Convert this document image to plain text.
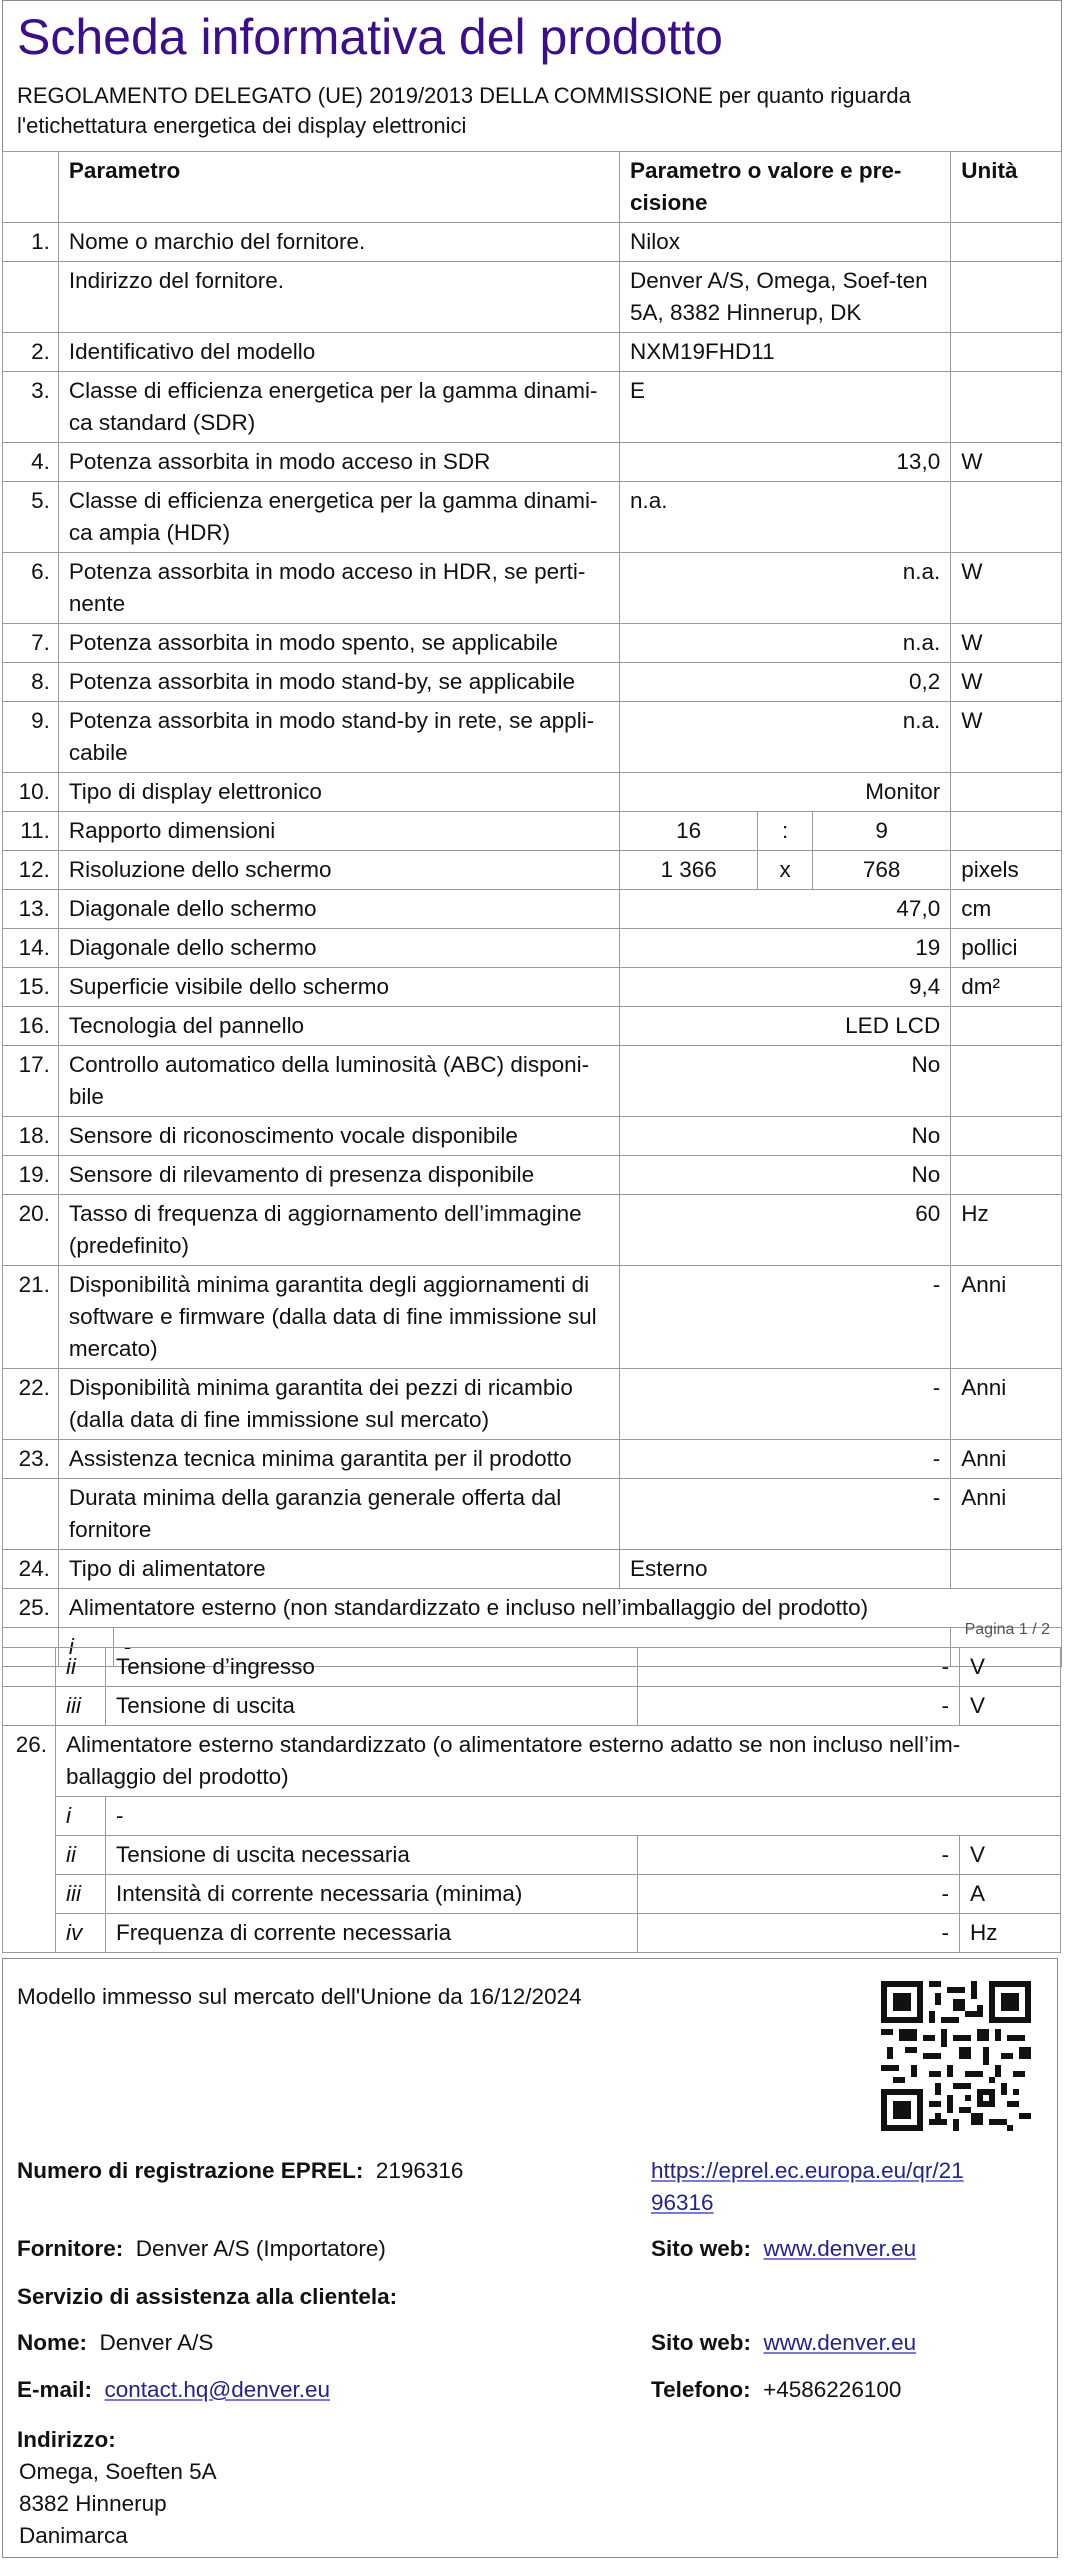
Scheda informativa del prodotto
REGOLAMENTO DELEGATO (UE) 2019/2013 DELLA COMMISSIONE per quanto riguarda l'etichettatura energetica dei display elettronici
	Parametro		Parametro o valore e pre-cisione			Unità
1.	Nome o marchio del fornitore.		Nilox			
	Indirizzo del fornitore.		Denver A/S, Omega, Soef-ten 5A, 8382 Hinnerup, DK			
2.	Identificativo del modello		NXM19FHD11			
3.	Classe di efficienza energetica per la gamma dinami-ca standard (SDR)		E			
4.	Potenza assorbita in modo acceso in SDR		13,0			W
5.	Classe di efficienza energetica per la gamma dinami-ca ampia (HDR)		n.a.			
6.	Potenza assorbita in modo acceso in HDR, se perti-nente		n.a.			W
7.	Potenza assorbita in modo spento, se applicabile		n.a.			W
8.	Potenza assorbita in modo stand-by, se applicabile		0,2			W
9.	Potenza assorbita in modo stand-by in rete, se appli-cabile		n.a.			W
10.	Tipo di display elettronico		Monitor			
11.	Rapporto dimensioni		16	:	9	
12.	Risoluzione dello schermo		1 366	x	768	pixels
13.	Diagonale dello schermo		47,0			cm
14.	Diagonale dello schermo		19			pollici
15.	Superficie visibile dello schermo		9,4			dm²
16.	Tecnologia del pannello		LED LCD			
17.	Controllo automatico della luminosità (ABC) disponi-bile		No			
18.	Sensore di riconoscimento vocale disponibile		No			
19.	Sensore di rilevamento di presenza disponibile		No			
20.	Tasso di frequenza di aggiornamento dell’immagine (predefinito)		60			Hz
21.	Disponibilità minima garantita degli aggiornamenti di software e firmware (dalla data di fine immissione sul mercato)		-			Anni
22.	Disponibilità minima garantita dei pezzi di ricambio (dalla data di fine immissione sul mercato)		-			Anni
23.	Assistenza tecnica minima garantita per il prodotto		-			Anni
	Durata minima della garanzia generale offerta dal fornitore		-			Anni
24.	Tipo di alimentatore		Esterno			
25.	Alimentatore esterno (non standardizzato e incluso nell’imballaggio del prodotto)					
	i	-				
Pagina 1 / 2
	ii	Tensione d’ingresso	-	V
	iii	Tensione di uscita	-	V
26.	Alimentatore esterno standardizzato (o alimentatore esterno adatto se non incluso nell’im-ballaggio del prodotto)			
	i	-		
	ii	Tensione di uscita necessaria	-	V
	iii	Intensità di corrente necessaria (minima)	-	A
	iv	Frequenza di corrente necessaria	-	Hz
Modello immesso sul mercato dell'Unione da 16/12/2024
Numero di registrazione EPREL: 2196316	https://eprel.ec.europa.eu/qr/21
96316
Fornitore: Denver A/S (Importatore)	Sito web: www.denver.eu
Servizio di assistenza alla clientela:
Nome: Denver A/S	Sito web: www.denver.eu
E-mail: contact.hq@denver.eu	Telefono: +4586226100
Indirizzo:
Omega, Soeften 5A
8382 Hinnerup
Danimarca
